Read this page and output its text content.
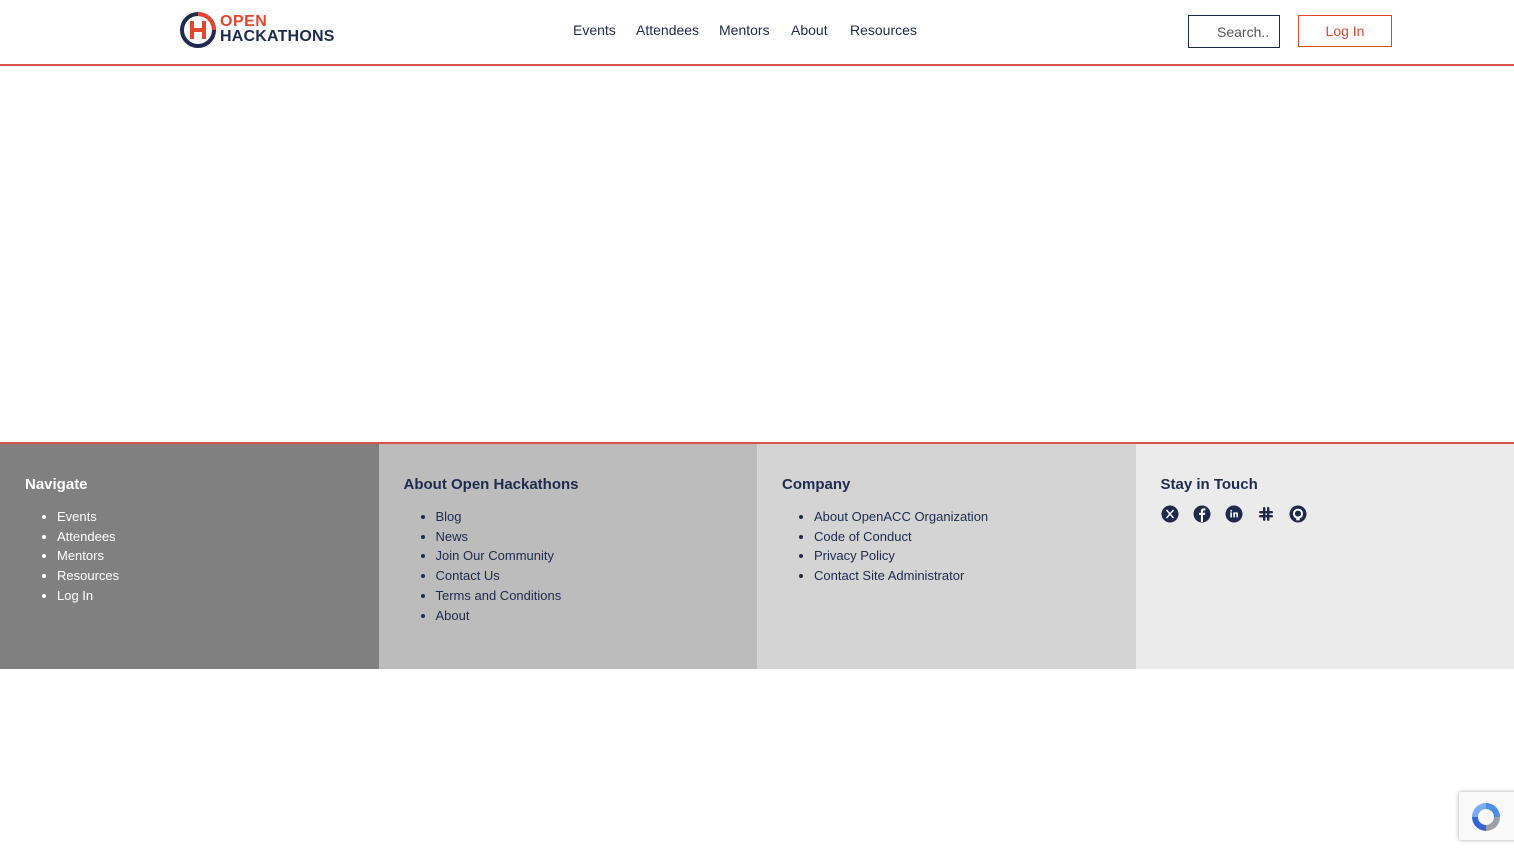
OPEN
HACKATHONS	Events Attendees Mentors About Resources
Search...	Log In
Navigate
• Events
• Attendees
• Mentors
• Resources
• Log In
About Open Hackathons
• Blog
• News
• Join Our Community
• Contact Us
• Terms and Conditions
• About
Company
• About OpenACC Organization
• Code of Conduct
• Privacy Policy
• Contact Site Administrator
Stay in Touch
